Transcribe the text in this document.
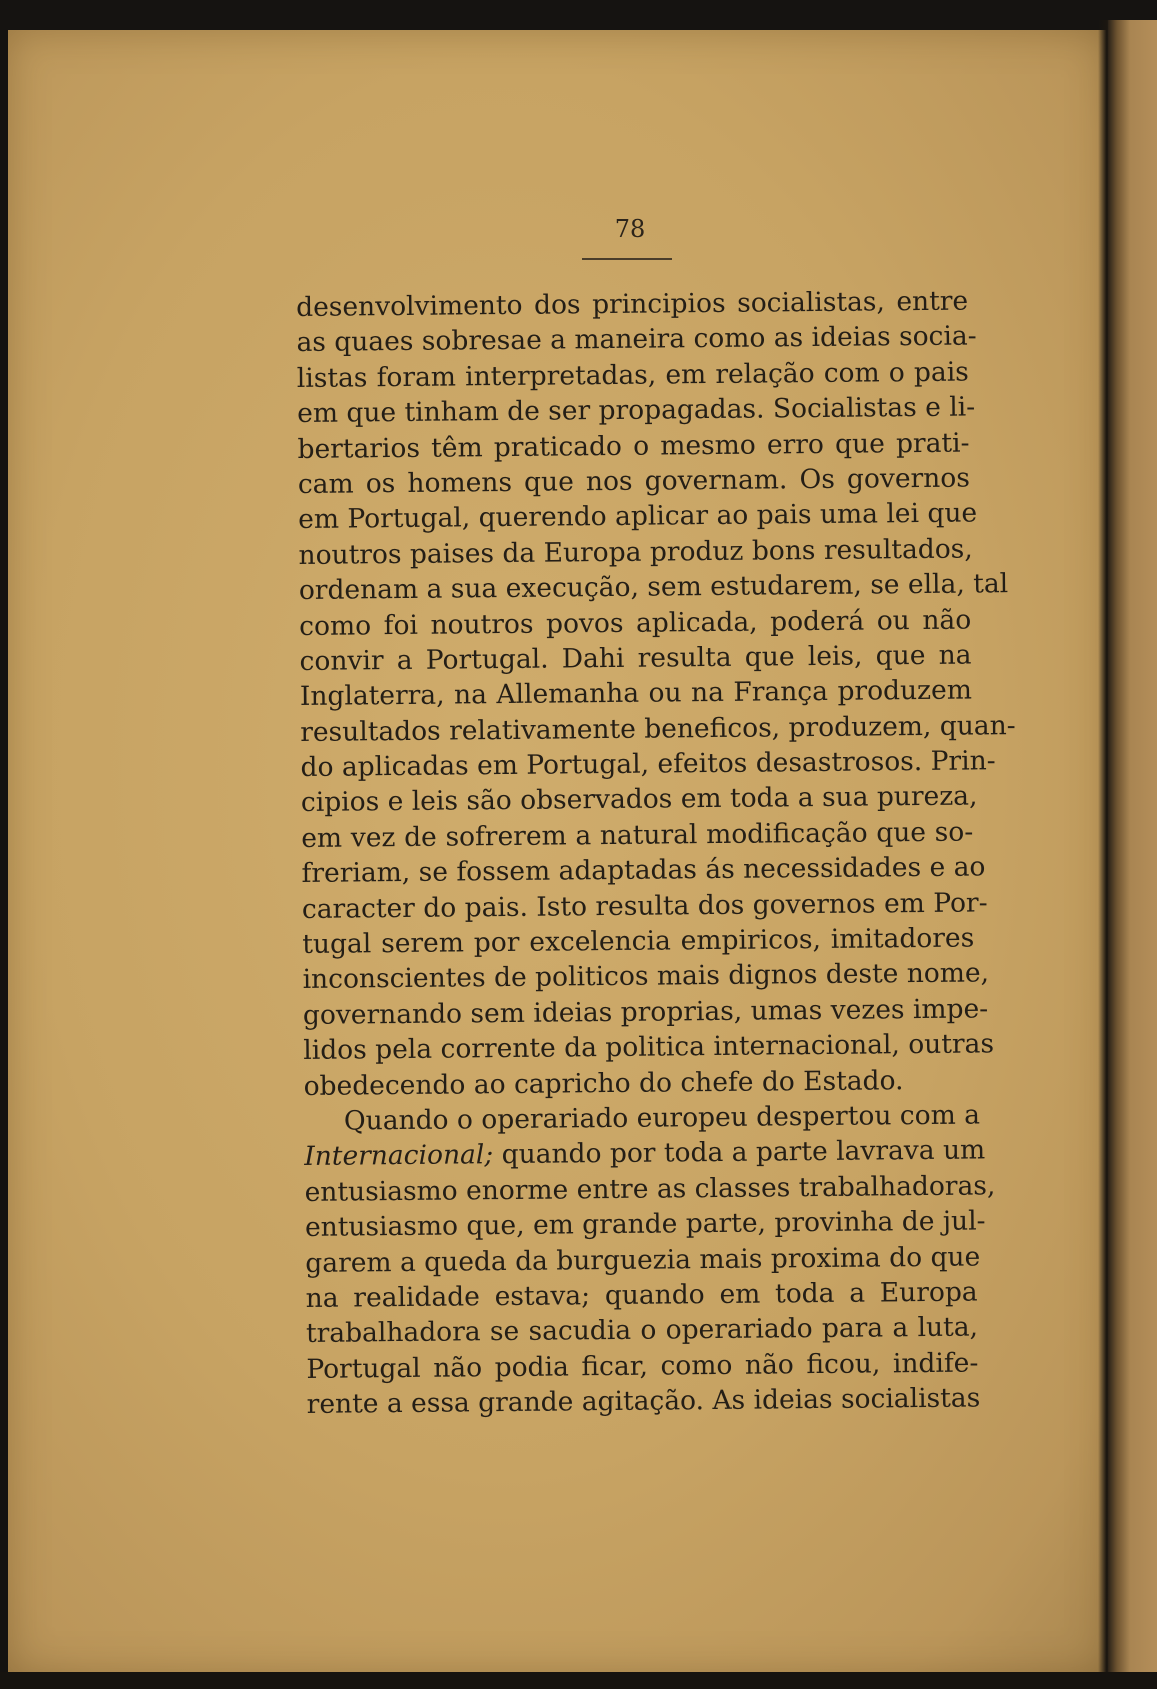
78
desenvolvimento dos principios socialistas, entre
as quaes sobresae a maneira como as ideias socia-
listas foram interpretadas, em relação com o pais
em que tinham de ser propagadas. Socialistas e li-
bertarios têm praticado o mesmo erro que prati-
cam os homens que nos governam. Os governos
em Portugal, querendo aplicar ao pais uma lei que
noutros paises da Europa produz bons resultados,
ordenam a sua execução, sem estudarem, se ella, tal
como foi noutros povos aplicada, poderá ou não
convir a Portugal. Dahi resulta que leis, que na
Inglaterra, na Allemanha ou na França produzem
resultados relativamente beneficos, produzem, quan-
do aplicadas em Portugal, efeitos desastrosos. Prin-
cipios e leis são observados em toda a sua pureza,
em vez de sofrerem a natural modificação que so-
freriam, se fossem adaptadas ás necessidades e ao
caracter do pais. Isto resulta dos governos em Por-
tugal serem por excelencia empiricos, imitadores
inconscientes de politicos mais dignos deste nome,
governando sem ideias proprias, umas vezes impe-
lidos pela corrente da politica internacional, outras
obedecendo ao capricho do chefe do Estado.
Quando o operariado europeu despertou com a
Internacional; quando por toda a parte lavrava um
entusiasmo enorme entre as classes trabalhadoras,
entusiasmo que, em grande parte, provinha de jul-
garem a queda da burguezia mais proxima do que
na realidade estava; quando em toda a Europa
trabalhadora se sacudia o operariado para a luta,
Portugal não podia ficar, como não ficou, indife-
rente a essa grande agitação. As ideias socialistas
